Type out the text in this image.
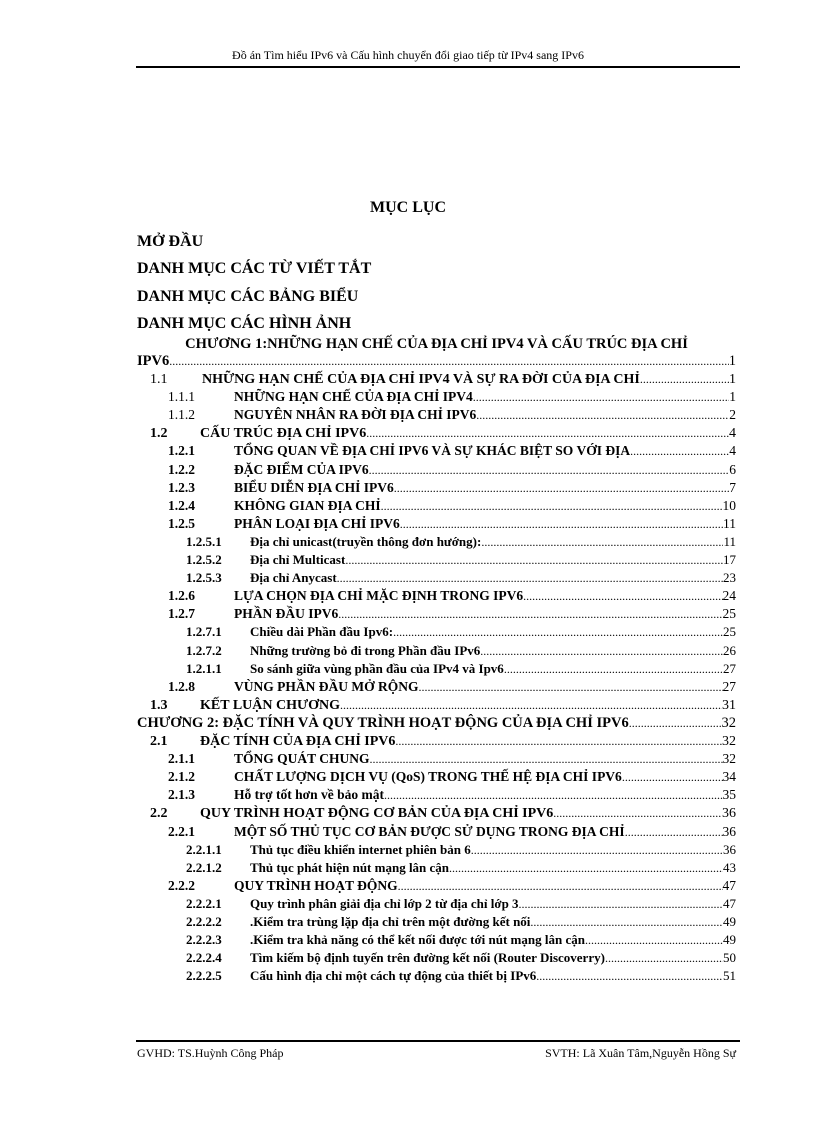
Đồ án Tìm hiểu IPv6 và Cấu hình chuyển đổi giao tiếp từ IPv4 sang IPv6
MỤC LỤC
MỞ ĐẦU
DANH MỤC CÁC TỪ VIẾT TẮT
DANH MỤC CÁC BẢNG BIỂU
DANH MỤC CÁC HÌNH ẢNH
CHƯƠNG 1:NHỮNG HẠN CHẾ CỦA ĐỊA CHỈ IPV4 VÀ CẤU TRÚC ĐỊA CHỈ
IPV6 .....	1
1.1	NHỮNG HẠN CHẾ CỦA ĐỊA CHỈ IPV4 VÀ SỰ RA ĐỜI CỦA ĐỊA CHỈ .....	1
1.1.1	NHỮNG HẠN CHẾ CỦA ĐỊA CHỈ IPV4 .....	1
1.1.2	NGUYÊN NHÂN RA ĐỜI ĐỊA CHỈ IPV6 .....	2
1.2	CẤU TRÚC ĐỊA CHỈ IPV6 .....	4
1.2.1	TỔNG QUAN VỀ ĐỊA CHỈ IPV6 VÀ SỰ KHÁC BIỆT SO VỚI ĐỊA .....	4
1.2.2	ĐẶC ĐIỂM CỦA IPV6 .....	6
1.2.3	BIỂU DIỄN ĐỊA CHỈ IPV6 .....	7
1.2.4	KHÔNG GIAN ĐỊA CHỈ .....	10
1.2.5	PHÂN LOẠI ĐỊA CHỈ IPV6 .....	11
1.2.5.1	Địa chỉ unicast(truyền thông đơn hướng): .....	11
1.2.5.2	Địa chỉ Multicast .....	17
1.2.5.3	Địa chỉ Anycast .....	23
1.2.6	LỰA CHỌN ĐỊA CHỈ MẶC ĐỊNH TRONG IPV6 .....	24
1.2.7	PHẦN ĐẦU IPV6 .....	25
1.2.7.1	Chiều dài Phần đầu Ipv6: .....	25
1.2.7.2	Những trường bỏ đi trong Phần đầu IPv6 .....	26
1.2.1.1	So sánh giữa vùng phần đầu của IPv4 và Ipv6 .....	27
1.2.8	VÙNG PHẦN ĐẦU MỞ RỘNG .....	27
1.3	KẾT LUẬN CHƯƠNG .....	31
CHƯƠNG 2: ĐẶC TÍNH VÀ QUY TRÌNH HOẠT ĐỘNG CỦA ĐỊA CHỈ IPV6 .....	32
2.1	ĐẶC TÍNH CỦA ĐỊA CHỈ IPV6 .....	32
2.1.1	TỔNG QUÁT CHUNG .....	32
2.1.2	CHẤT LƯỢNG DỊCH VỤ (QoS) TRONG THẾ HỆ ĐỊA CHỈ IPV6 .....	34
2.1.3	Hỗ trợ tốt hơn về bảo mật .....	35
2.2	QUY TRÌNH HOẠT ĐỘNG CƠ BẢN CỦA ĐỊA CHỈ IPV6 .....	36
2.2.1	MỘT SỐ THỦ TỤC CƠ BẢN ĐƯỢC SỬ DỤNG TRONG ĐỊA CHỈ .....	36
2.2.1.1	Thủ tục điều khiển internet phiên bản 6 .....	36
2.2.1.2	Thủ tục phát hiện nút mạng lân cận .....	43
2.2.2	QUY TRÌNH HOẠT ĐỘNG .....	47
2.2.2.1	Quy trình phân giải địa chỉ lớp 2 từ địa chỉ lớp 3 .....	47
2.2.2.2	.Kiểm tra trùng lặp địa chỉ trên một đường kết nối .....	49
2.2.2.3	.Kiểm tra khả năng có thể kết nối được tới nút mạng lân cận .....	49
2.2.2.4	Tìm kiếm bộ định tuyến trên đường kết nối (Router Discoverry) .....	50
2.2.2.5	Cấu hình địa chỉ một cách tự động của thiết bị IPv6 .....	51
GVHD: TS.Huỳnh Công Pháp	SVTH: Lã Xuân Tâm,Nguyễn Hồng Sự
